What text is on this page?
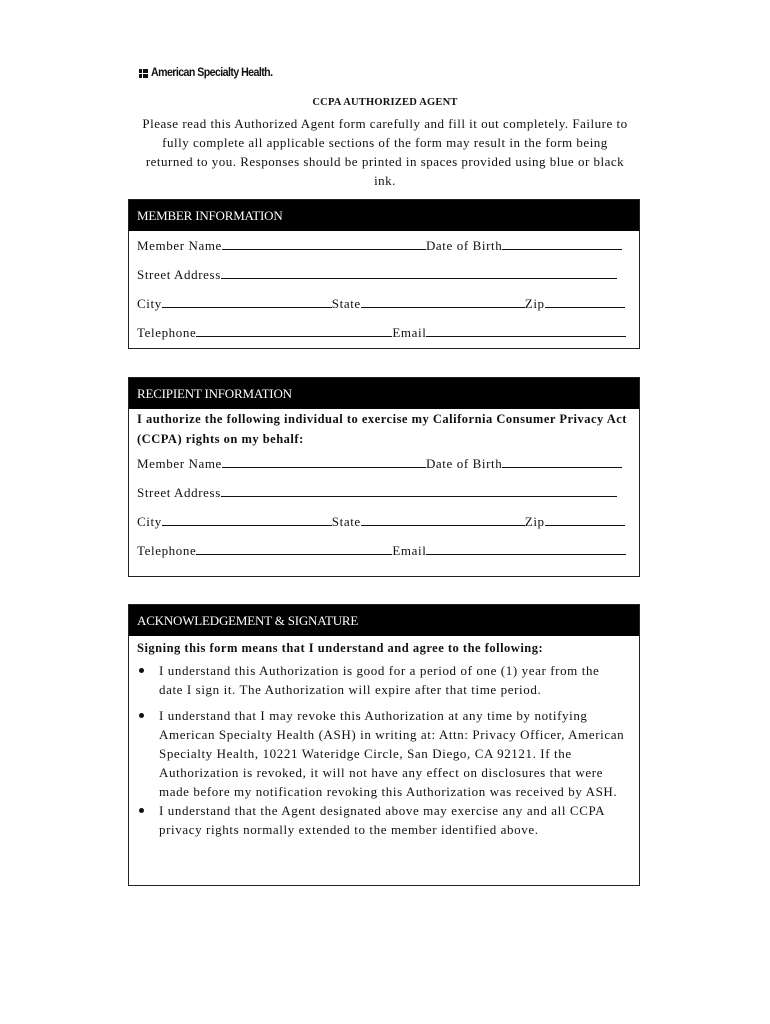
American Specialty Health.
CCPA AUTHORIZED AGENT
Please read this Authorized Agent form carefully and fill it out completely. Failure to fully complete all applicable sections of the form may result in the form being returned to you. Responses should be printed in spaces provided using blue or black ink.
MEMBER INFORMATION
Member Name	Date of Birth
Street Address
City	State	Zip
Telephone	Email
RECIPIENT INFORMATION
I authorize the following individual to exercise my California Consumer Privacy Act (CCPA) rights on my behalf:
Member Name	Date of Birth
Street Address
City	State	Zip
Telephone	Email
ACKNOWLEDGEMENT & SIGNATURE
Signing this form means that I understand and agree to the following:
I understand this Authorization is good for a period of one (1) year from the date I sign it. The Authorization will expire after that time period.
I understand that I may revoke this Authorization at any time by notifying American Specialty Health (ASH) in writing at: Attn: Privacy Officer, American Specialty Health, 10221 Wateridge Circle, San Diego, CA 92121. If the Authorization is revoked, it will not have any effect on disclosures that were made before my notification revoking this Authorization was received by ASH.
I understand that the Agent designated above may exercise any and all CCPA privacy rights normally extended to the member identified above.
